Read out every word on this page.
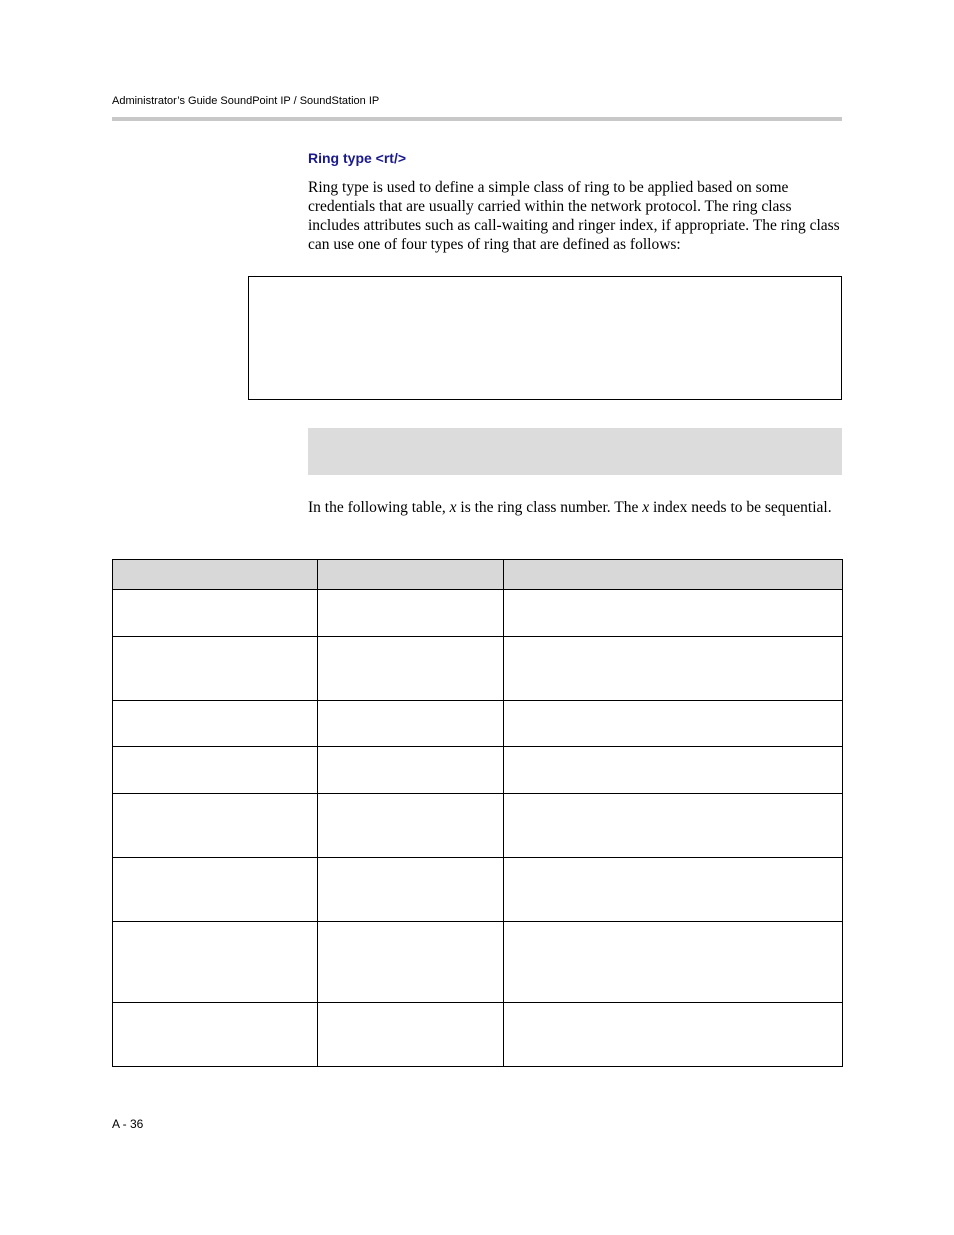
Administrator’s Guide SoundPoint IP / SoundStation IP
Ring type <rt/>
Ring type is used to define a simple class of ring to be applied based on some credentials that are usually carried within the network protocol. The ring class includes attributes such as call-waiting and ringer index, if appropriate. The ring class can use one of four types of ring that are defined as follows:
In the following table, x is the ring class number. The x index needs to be sequential.

A - 36
